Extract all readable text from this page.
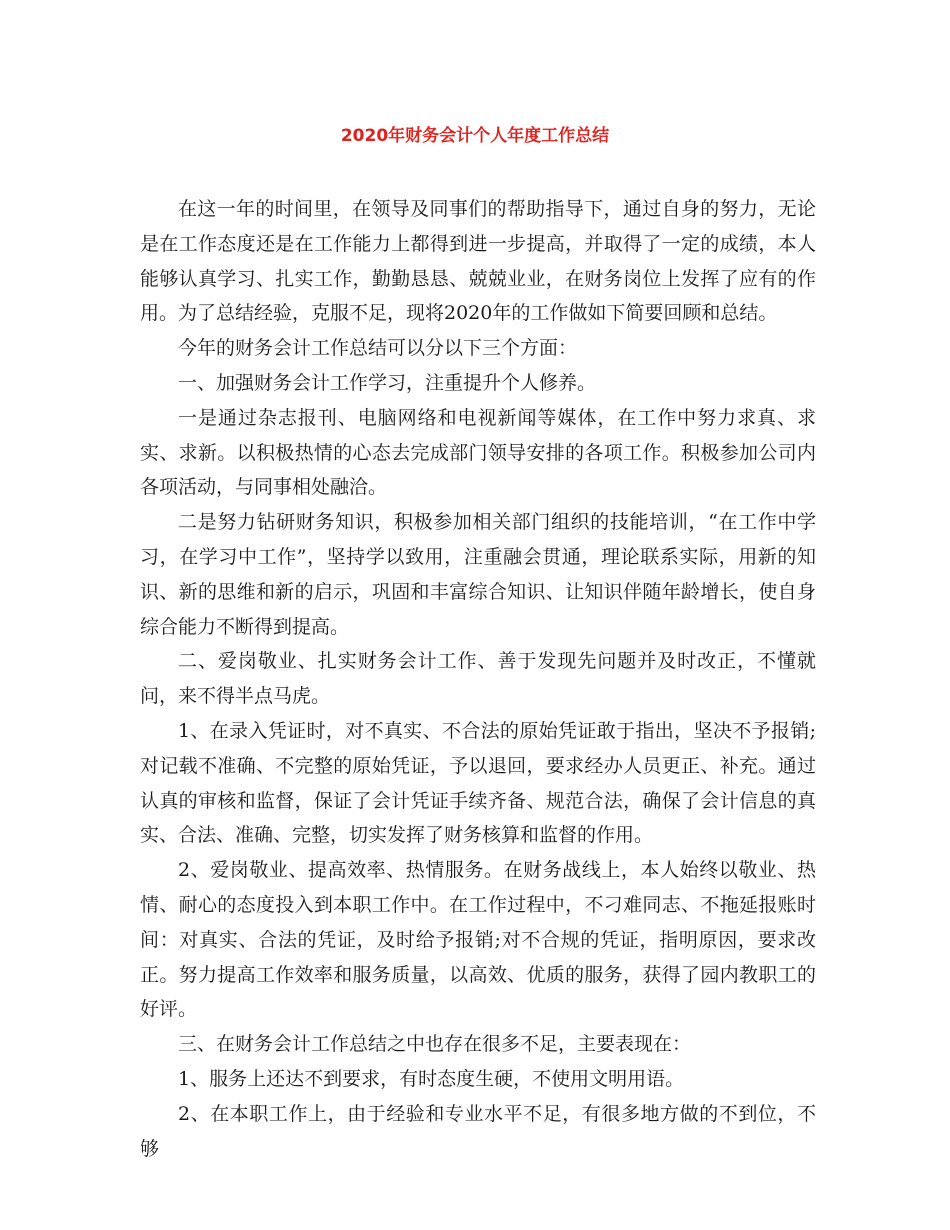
2020年财务会计个人年度工作总结

在这一年的时间里，在领导及同事们的帮助指导下，通过自身的努力，无论是在工作态度还是在工作能力上都得到进一步提高，并取得了一定的成绩，本人能够认真学习、扎实工作，勤勤恳恳、兢兢业业，在财务岗位上发挥了应有的作用。为了总结经验，克服不足，现将2020年的工作做如下简要回顾和总结。

今年的财务会计工作总结可以分以下三个方面：

一、加强财务会计工作学习，注重提升个人修养。

一是通过杂志报刊、电脑网络和电视新闻等媒体，在工作中努力求真、求实、求新。以积极热情的心态去完成部门领导安排的各项工作。积极参加公司内各项活动，与同事相处融洽。

二是努力钻研财务知识，积极参加相关部门组织的技能培训，“在工作中学习，在学习中工作”，坚持学以致用，注重融会贯通，理论联系实际，用新的知识、新的思维和新的启示，巩固和丰富综合知识、让知识伴随年龄增长，使自身综合能力不断得到提高。

二、爱岗敬业、扎实财务会计工作、善于发现先问题并及时改正，不懂就问，来不得半点马虎。

1、在录入凭证时，对不真实、不合法的原始凭证敢于指出，坚决不予报销;对记载不准确、不完整的原始凭证，予以退回，要求经办人员更正、补充。通过认真的审核和监督，保证了会计凭证手续齐备、规范合法，确保了会计信息的真实、合法、准确、完整，切实发挥了财务核算和监督的作用。

2、爱岗敬业、提高效率、热情服务。在财务战线上，本人始终以敬业、热情、耐心的态度投入到本职工作中。在工作过程中，不刁难同志、不拖延报账时间：对真实、合法的凭证，及时给予报销;对不合规的凭证，指明原因，要求改正。努力提高工作效率和服务质量，以高效、优质的服务，获得了园内教职工的好评。

三、在财务会计工作总结之中也存在很多不足，主要表现在：

1、服务上还达不到要求，有时态度生硬，不使用文明用语。

2、在本职工作上，由于经验和专业水平不足，有很多地方做的不到位，不够
